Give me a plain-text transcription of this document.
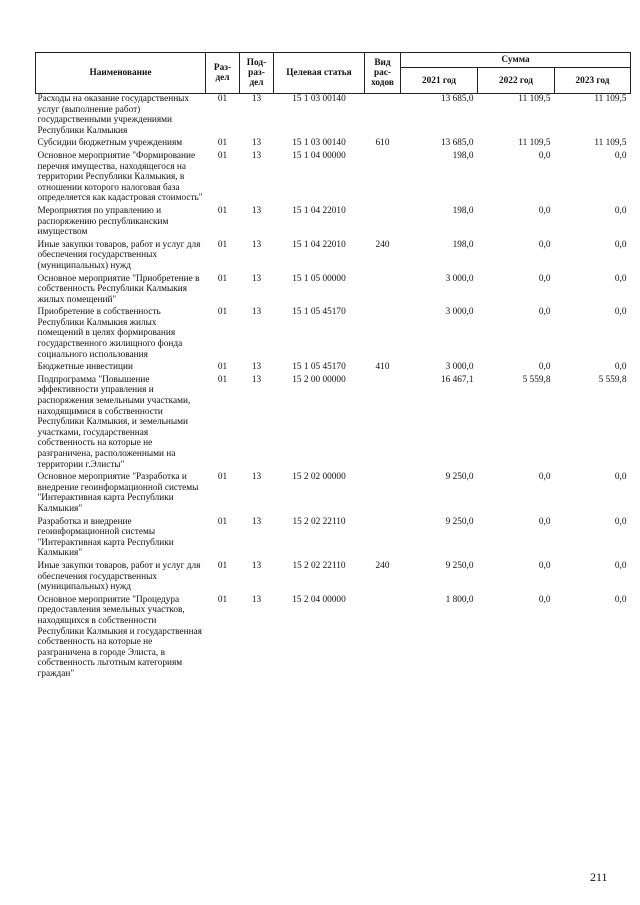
Наименование	Раз-дел	Под-раз-дел	Целевая статья	Вид рас-ходов	Сумма		
					2021 год	2022 год	2023 год
Расходы на оказание государственных услуг (выполнение работ) государственными учреждениями Республики Калмыкия	01	13	15 1 03 00140		13 685,0	11 109,5	11 109,5
Субсидии бюджетным учреждениям	01	13	15 1 03 00140	610	13 685,0	11 109,5	11 109,5
Основное мероприятие "Формирование перечня имущества, находящегося на территории Республики Калмыкия, в отношении которого налоговая база определяется как кадастровая стоимость"	01	13	15 1 04 00000		198,0	0,0	0,0
Мероприятия по управлению и распоряжению республиканским имуществом	01	13	15 1 04 22010		198,0	0,0	0,0
Иные закупки товаров, работ и услуг для обеспечения государственных (муниципальных) нужд	01	13	15 1 04 22010	240	198,0	0,0	0,0
Основное мероприятие "Приобретение в собственность Республики Калмыкия жилых помещений"	01	13	15 1 05 00000		3 000,0	0,0	0,0
Приобретение в собственность Республики Калмыкия жилых помещений в целях формирования государственного жилищного фонда социального использования	01	13	15 1 05 45170		3 000,0	0,0	0,0
Бюджетные инвестиции	01	13	15 1 05 45170	410	3 000,0	0,0	0,0
Подпрограмма "Повышение эффективности управления и распоряжения земельными участками, находящимися в собственности Республики Калмыкия, и земельными участками, государственная собственность на которые не разграничена, расположенными на территории г.Элисты"	01	13	15 2 00 00000		16 467,1	5 559,8	5 559,8
Основное мероприятие "Разработка и внедрение геоинформационной системы "Интерактивная карта Республики Калмыкия"	01	13	15 2 02 00000		9 250,0	0,0	0,0
Разработка и внедрение геоинформационной системы "Интерактивная карта Республики Калмыкия"	01	13	15 2 02 22110		9 250,0	0,0	0,0
Иные закупки товаров, работ и услуг для обеспечения государственных (муниципальных) нужд	01	13	15 2 02 22110	240	9 250,0	0,0	0,0
Основное мероприятие "Процедура предоставления земельных участков, находящихся в собственности Республики Калмыкия и государственная собственность на которые не разграничена в городе Элиста, в собственность льготным категориям граждан"	01	13	15 2 04 00000		1 800,0	0,0	0,0
211
